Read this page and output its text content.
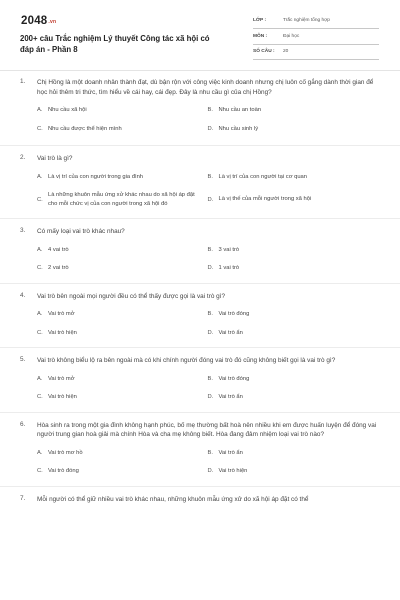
2048.vn
200+ câu Trắc nghiệm Lý thuyết Công tác xã hội có đáp án - Phần 8
LỚP :	Trắc nghiệm tổng hợp
MÔN :	Đại học
SỐ CÂU : 20
1. Chị Hồng là một doanh nhân thành đạt, dù bận rộn với công việc kinh doanh nhưng chị luôn cố gắng dành thời gian để học hỏi thêm tri thức, tìm hiểu về cái hay, cái đẹp. Đây là nhu cầu gì của chị Hồng?
A. Nhu cầu xã hội	B. Nhu cầu an toàn
C. Nhu cầu được thể hiện mình	D. Nhu cầu sinh lý
2. Vai trò là gì?
A. Là vị trí của con người trong gia đình	B. Là vị trí của con người tại cơ quan
C.
Là những khuôn mẫu ứng xử khác nhau do xã hội áp đặt cho mỗi chức vị của con người trong xã hội đó
D. Là vị thế của mỗi người trong xã hội
3. Có mấy loại vai trò khác nhau?
A. 4 vai trò	B. 3 vai trò
C. 2 vai trò	D. 1 vai trò
4. Vai trò bên ngoài mọi người đều có thể thấy được gọi là vai trò gì?
A. Vai trò mở	B. Vai trò đóng
C. Vai trò hiện	D. Vai trò ẩn
5. Vai trò không biểu lộ ra bên ngoài mà có khi chính người đóng vai trò đó cũng không biết gọi là vai trò gì?
A. Vai trò mở	B. Vai trò đóng
C. Vai trò hiện	D. Vai trò ẩn
6. Hòa sinh ra trong một gia đình không hạnh phúc, bố mẹ thường bất hoà nên nhiều khi em được huấn luyện để đóng vai người trung gian hoà giải mà chính Hòa và cha mẹ không biết. Hòa đang đảm nhiệm loại vai trò nào?
A. Vai trò mơ hồ	B. Vai trò ẩn
C. Vai trò đóng	D. Vai trò hiện
7. Mỗi người có thể giữ nhiều vai trò khác nhau, những khuôn mẫu ứng xử do xã hội áp đặt có thể
